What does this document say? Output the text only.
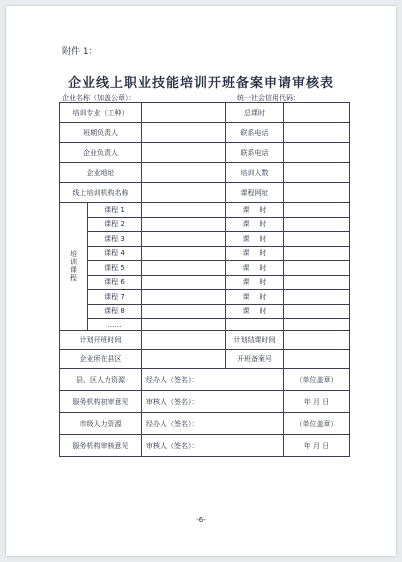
附件 1：
企业线上职业技能培训开班备案申请审核表
企业名称（加盖公章）：	统一社会信用代码：
培训专业（工种）			总课时	
班期负责人			联系电话	
企业负责人			联系电话	
企业地址			培训人数	
线上培训机构名称			课程网址	
培训课程	课程 1		课时	
	课程 2		课时	
	课程 3		课时	
	课程 4		课时	
	课程 5		课时	
	课程 6		课时	
	课程 7		课时	
	课程 8		课时	
	……			
计划开班时间			计划结课时间	
企业所在县区			开班备案号	
县、区人力资源		经办人（签名）：		（单位盖章）
服务机构初审意见		审核人（签名）：		年 月 日
市级人力资源		经办人（签名）：		（单位盖章）
服务机构审核意见		审核人（签名）：		年 月 日
-6-
